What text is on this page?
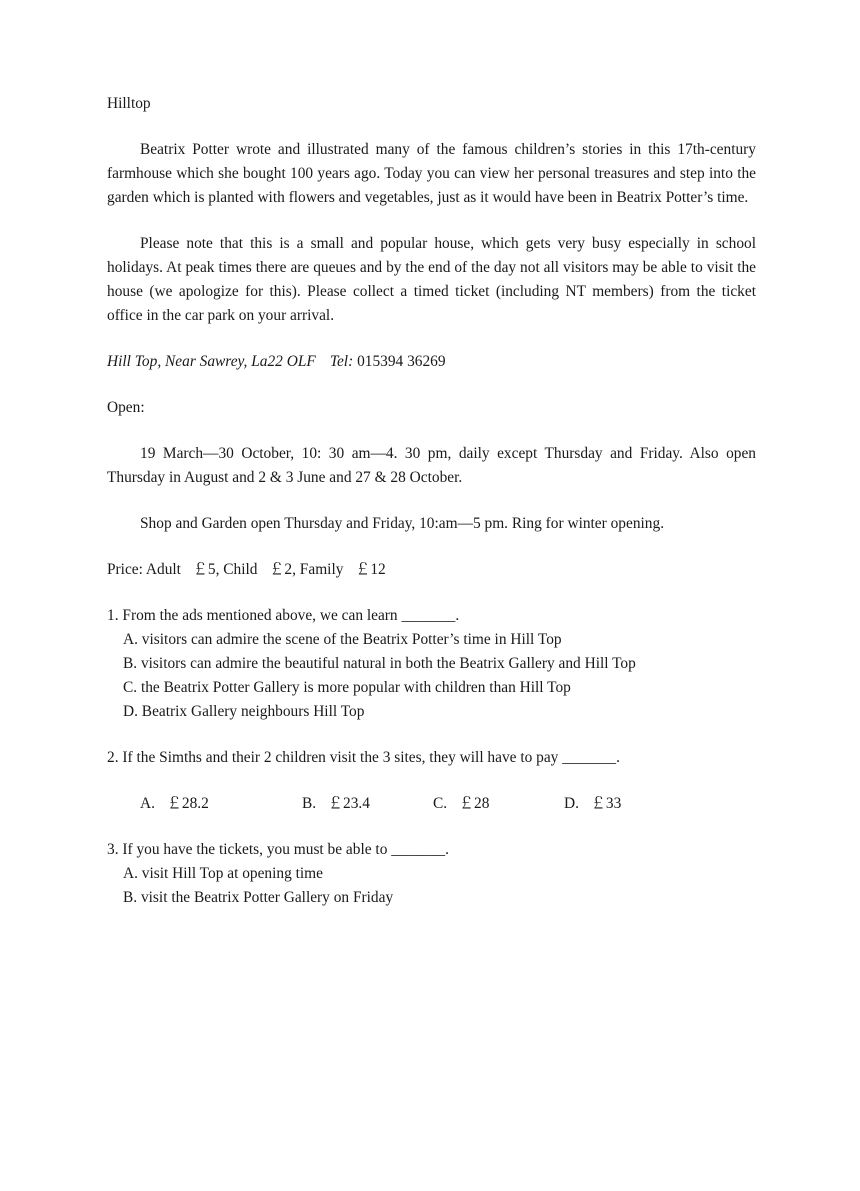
Hilltop

Beatrix Potter wrote and illustrated many of the famous children’s stories in this 17th-century farmhouse which she bought 100 years ago. Today you can view her personal treasures and step into the garden which is planted with flowers and vegetables, just as it would have been in Beatrix Potter’s time.

Please note that this is a small and popular house, which gets very busy especially in school holidays. At peak times there are queues and by the end of the day not all visitors may be able to visit the house (we apologize for this). Please collect a timed ticket (including NT members) from the ticket office in the car park on your arrival.

Hill Top, Near Sawrey, La22 OLF Tel: 015394 36269

Open:

19 March—30 October, 10: 30 am—4. 30 pm, daily except Thursday and Friday. Also open Thursday in August and 2 & 3 June and 27 & 28 October.

Shop and Garden open Thursday and Friday, 10:am—5 pm. Ring for winter opening.

Price: Adult   ￡5, Child   ￡2, Family   ￡12

1. From the ads mentioned above, we can learn _______.

A. visitors can admire the scene of the Beatrix Potter’s time in Hill Top

B. visitors can admire the beautiful natural in both the Beatrix Gallery and Hill Top

C. the Beatrix Potter Gallery is more popular with children than Hill Top

D. Beatrix Gallery neighbours Hill Top

2. If the Simths and their 2 children visit the 3 sites, they will have to pay _______.

A.   ￡28.2	B.   ￡23.4	C.   ￡28	D.   ￡33

3. If you have the tickets, you must be able to _______.

A. visit Hill Top at opening time

B. visit the Beatrix Potter Gallery on Friday
